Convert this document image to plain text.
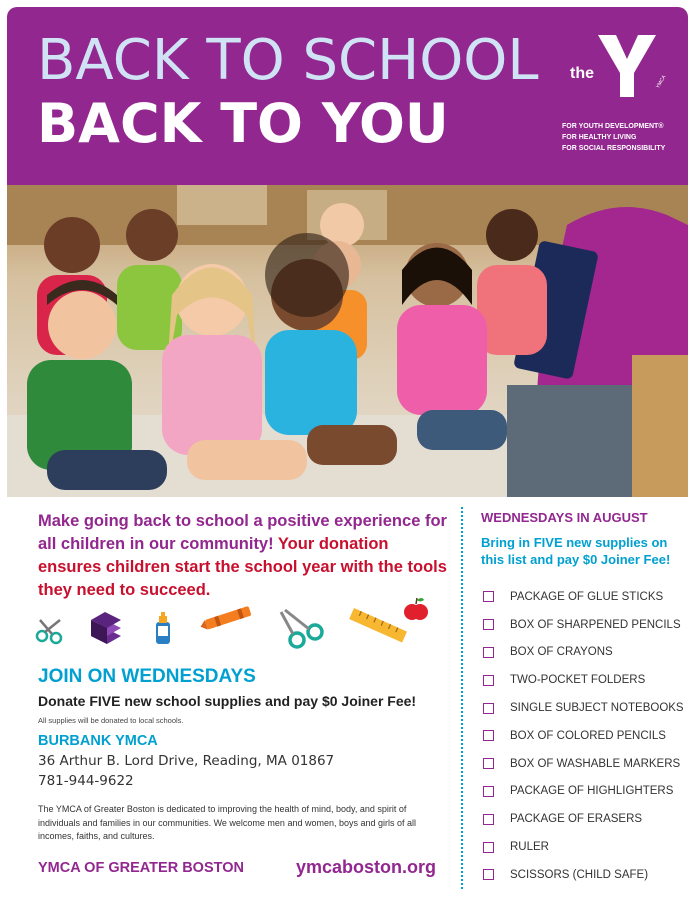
BACK TO SCHOOL
BACK TO YOU
the	YMCA
FOR YOUTH DEVELOPMENT®
FOR HEALTHY LIVING
FOR SOCIAL RESPONSIBILITY
Make going back to school a positive experience for all children in our community! Your donation ensures children start the school year with the tools they need to succeed.
JOIN ON WEDNESDAYS
Donate FIVE new school supplies and pay $0 Joiner Fee!
All supplies will be donated to local schools.
BURBANK YMCA
36 Arthur B. Lord Drive, Reading, MA 01867
781-944-9622
The YMCA of Greater Boston is dedicated to improving the health of mind, body, and spirit of individuals and families in our communities. We welcome men and women, boys and girls of all incomes, faiths, and cultures.
YMCA OF GREATER BOSTON	ymcaboston.org
WEDNESDAYS IN AUGUST
Bring in FIVE new supplies on this list and pay $0 Joiner Fee!
PACKAGE OF GLUE STICKS
BOX OF SHARPENED PENCILS
BOX OF CRAYONS
TWO-POCKET FOLDERS
SINGLE SUBJECT NOTEBOOKS
BOX OF COLORED PENCILS
BOX OF WASHABLE MARKERS
PACKAGE OF HIGHLIGHTERS
PACKAGE OF ERASERS
RULER
SCISSORS (CHILD SAFE)
